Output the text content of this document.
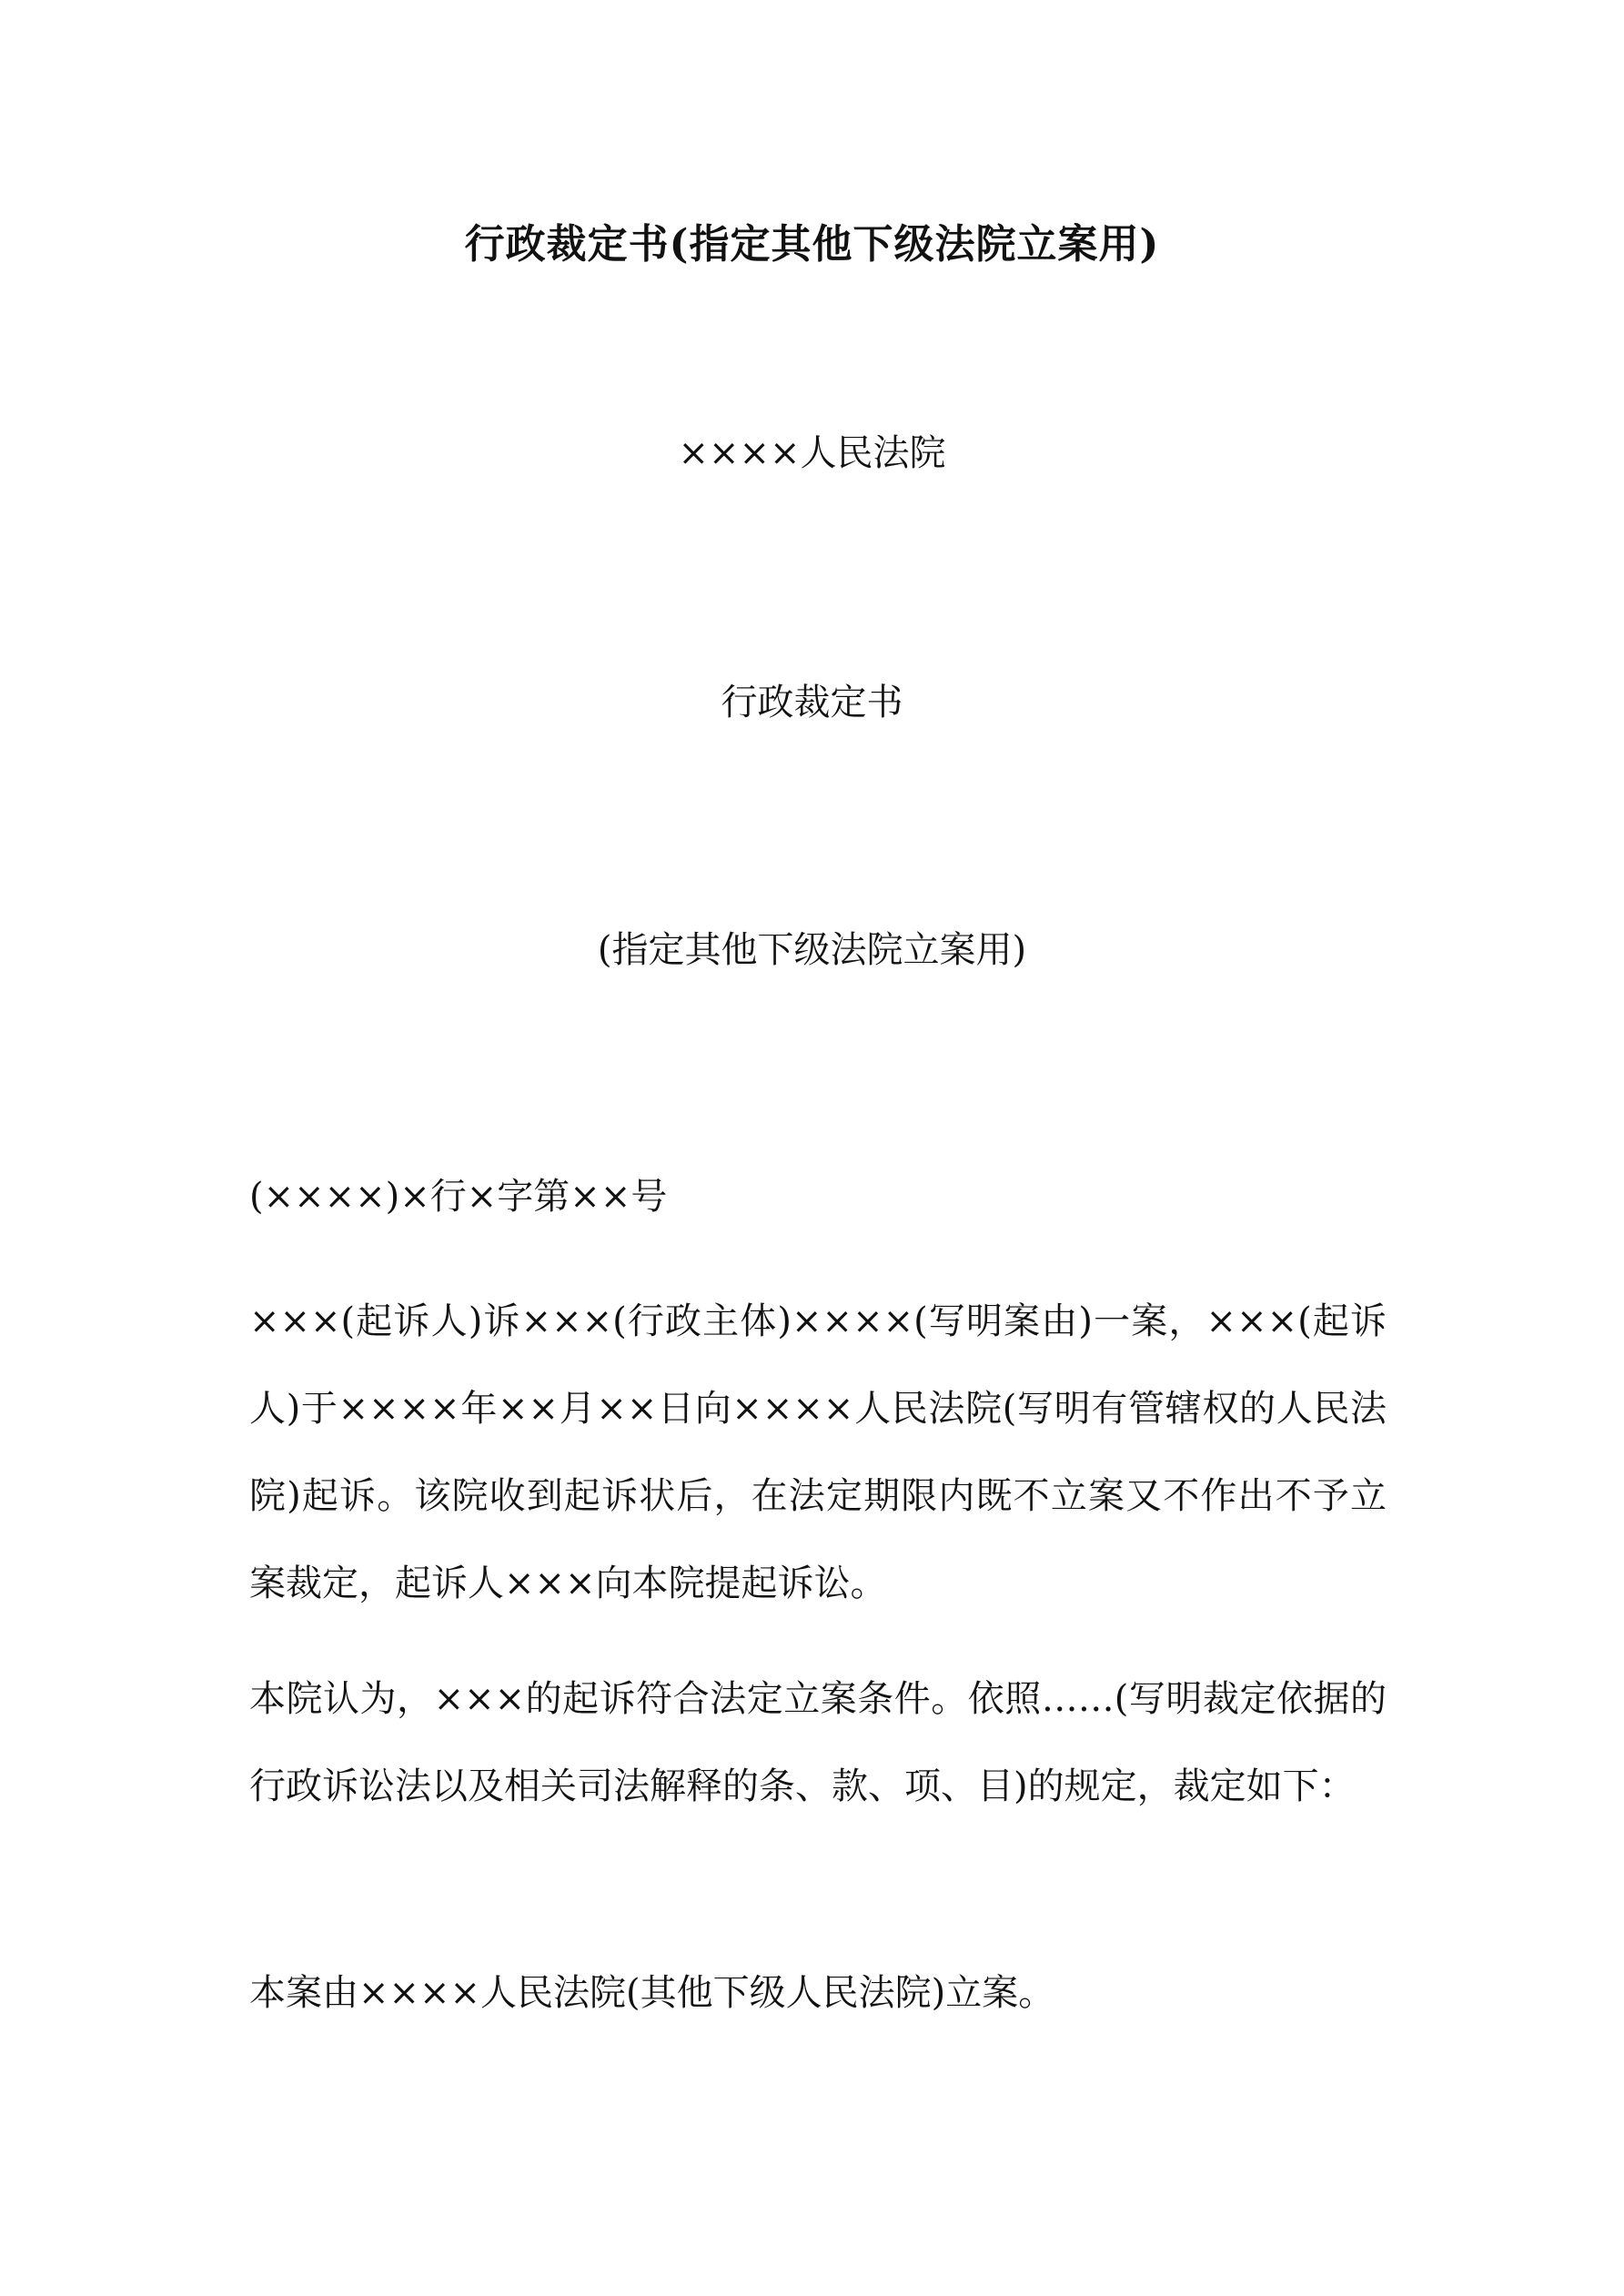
行政裁定书(指定其他下级法院立案用)
××××人民法院
行政裁定书
(指定其他下级法院立案用)
(××××)×行×字第××号

×××(起诉人)诉×××(行政主体)××××(写明案由)一案，×××(起诉人)于××××年××月××日向××××人民法院(写明有管辖权的人民法院)起诉。该院收到起诉状后，在法定期限内既不立案又不作出不予立案裁定，起诉人×××向本院提起诉讼。

本院认为，×××的起诉符合法定立案条件。依照……(写明裁定依据的行政诉讼法以及相关司法解释的条、款、项、目)的规定，裁定如下：

本案由××××人民法院(其他下级人民法院)立案。
